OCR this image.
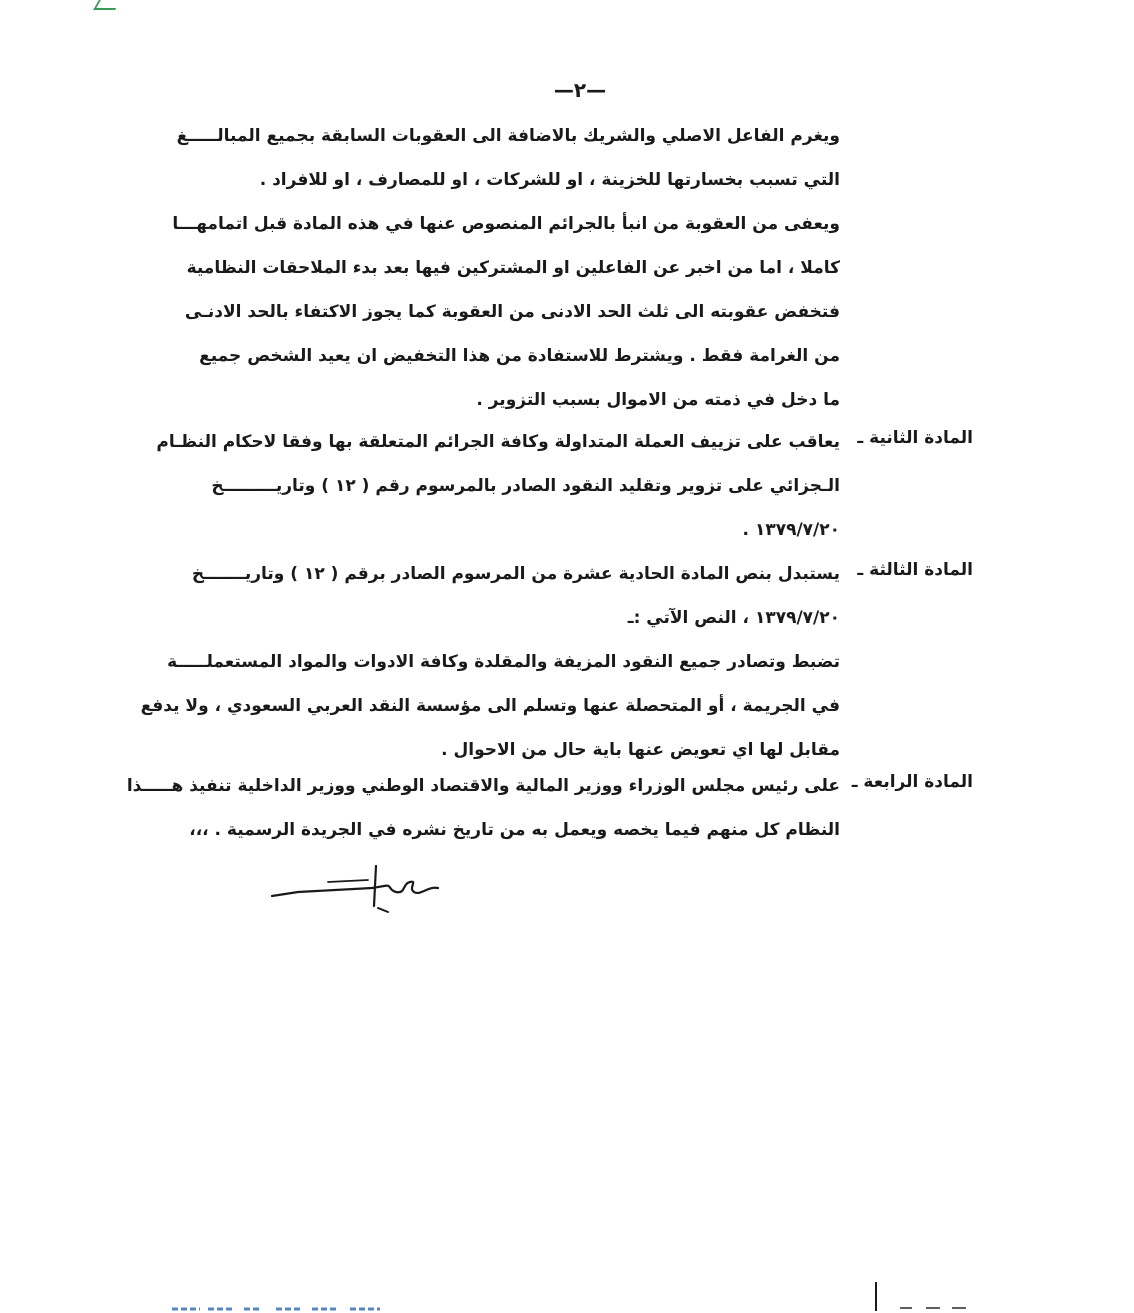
—٢—
ويغرم الفاعل الاصلي والشريك بالاضافة الى العقوبات السابقة بجميع المبالـــــغ
التي تسبب بخسارتها للخزينة ، او للشركات ، او للمصارف ، او للافراد .
ويعفى من العقوبة من انبأ بالجرائم المنصوص عنها في هذه المادة قبل اتمامهـــا
كاملا ، اما من اخبر عن الفاعلين او المشتركين فيها بعد بدء الملاحقات النظامية
فتخفض عقوبته الى ثلث الحد الادنى من العقوبة كما يجوز الاكتفاء بالحد الادنـى
من الغرامة فقط . ويشترط للاستفادة من هذا التخفيض ان يعيد الشخص جميع
ما دخل في ذمته من الاموال بسبب التزوير .
المادة الثانية ـ
يعاقب على تزييف العملة المتداولة وكافة الجرائم المتعلقة بها وفقا لاحكام النظـام
الـجزائي على تزوير وتقليد النقود الصادر بالمرسوم رقم ( ١٢ ) وتاريـــــــــخ
١٣٧٩/٧/٢٠ .
المادة الثالثة ـ
يستبدل بنص المادة الحادية عشرة من المرسوم الصادر برقم ( ١٢ ) وتاريـــــــخ
١٣٧٩/٧/٢٠ ، النص الآتي :ـ
تضبط وتصادر جميع النقود المزيفة والمقلدة وكافة الادوات والمواد المستعملـــــة
في الجريمة ، أو المتحصلة عنها وتسلم الى مؤسسة النقد العربي السعودي ، ولا يدفع
مقابل لها اي تعويض عنها باية حال من الاحوال .
المادة الرابعة ـ
على رئيس مجلس الوزراء ووزير المالية والاقتصاد الوطني ووزير الداخلية تنفيذ هـــــذا
النظام كل منهم فيما يخصه ويعمل به من تاريخ نشره في الجريدة الرسمية . ،،،
